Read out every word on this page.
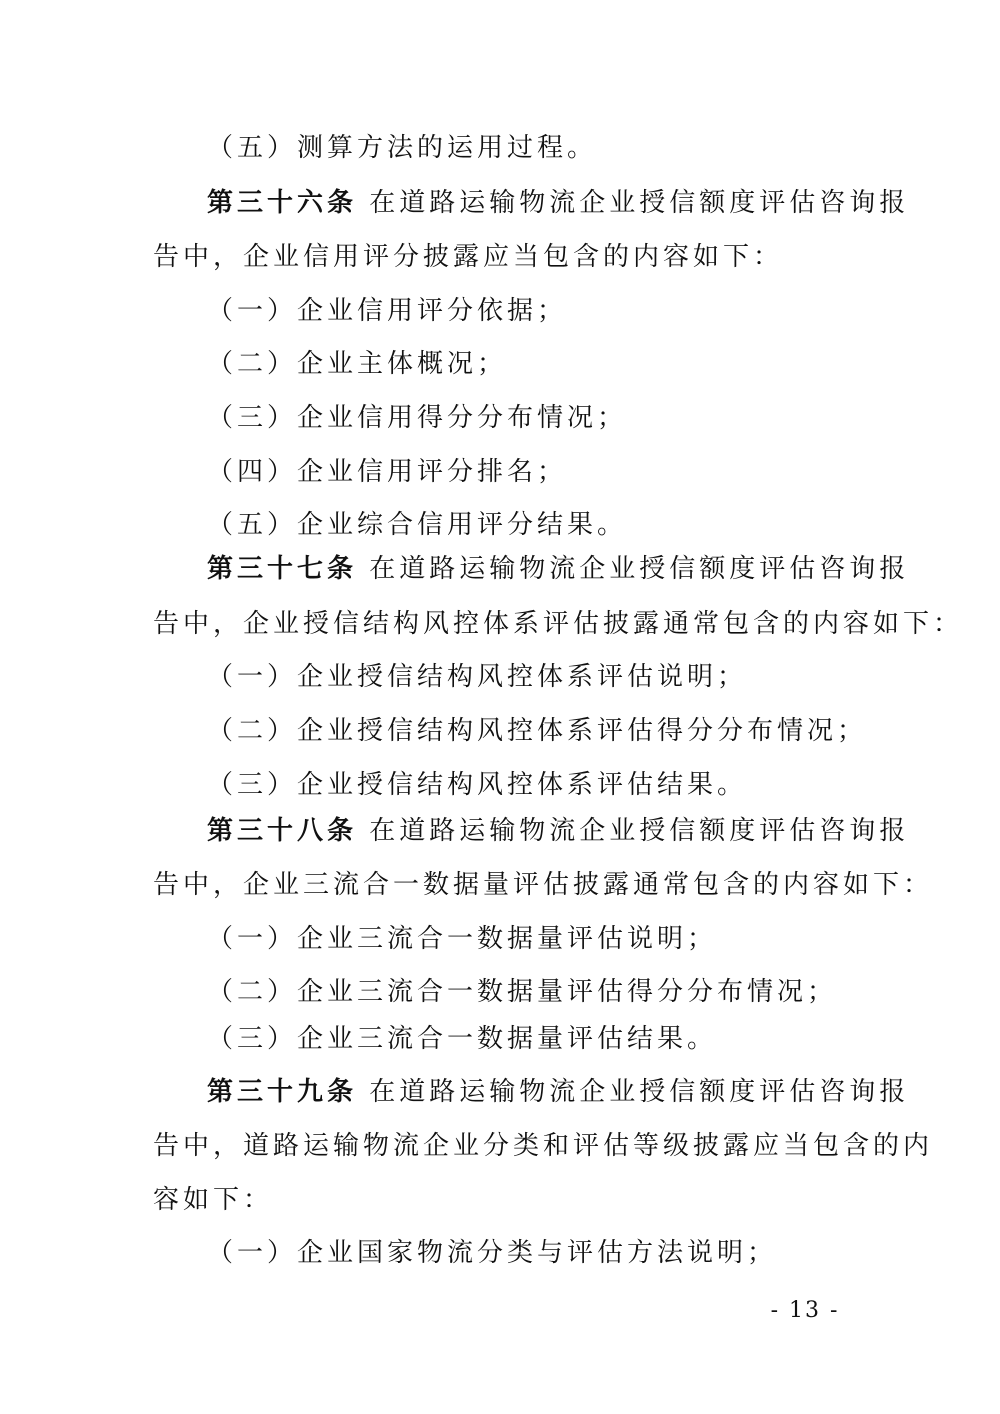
（五）测算方法的运用过程。
第三十六条 在道路运输物流企业授信额度评估咨询报
告中，企业信用评分披露应当包含的内容如下：
（一）企业信用评分依据；
（二）企业主体概况；
（三）企业信用得分分布情况；
（四）企业信用评分排名；
（五）企业综合信用评分结果。
第三十七条 在道路运输物流企业授信额度评估咨询报
告中，企业授信结构风控体系评估披露通常包含的内容如下：
（一）企业授信结构风控体系评估说明；
（二）企业授信结构风控体系评估得分分布情况；
（三）企业授信结构风控体系评估结果。
第三十八条 在道路运输物流企业授信额度评估咨询报
告中，企业三流合一数据量评估披露通常包含的内容如下：
（一）企业三流合一数据量评估说明；
（二）企业三流合一数据量评估得分分布情况；
（三）企业三流合一数据量评估结果。
第三十九条 在道路运输物流企业授信额度评估咨询报
告中，道路运输物流企业分类和评估等级披露应当包含的内
容如下：
（一）企业国家物流分类与评估方法说明；
- 13 -
